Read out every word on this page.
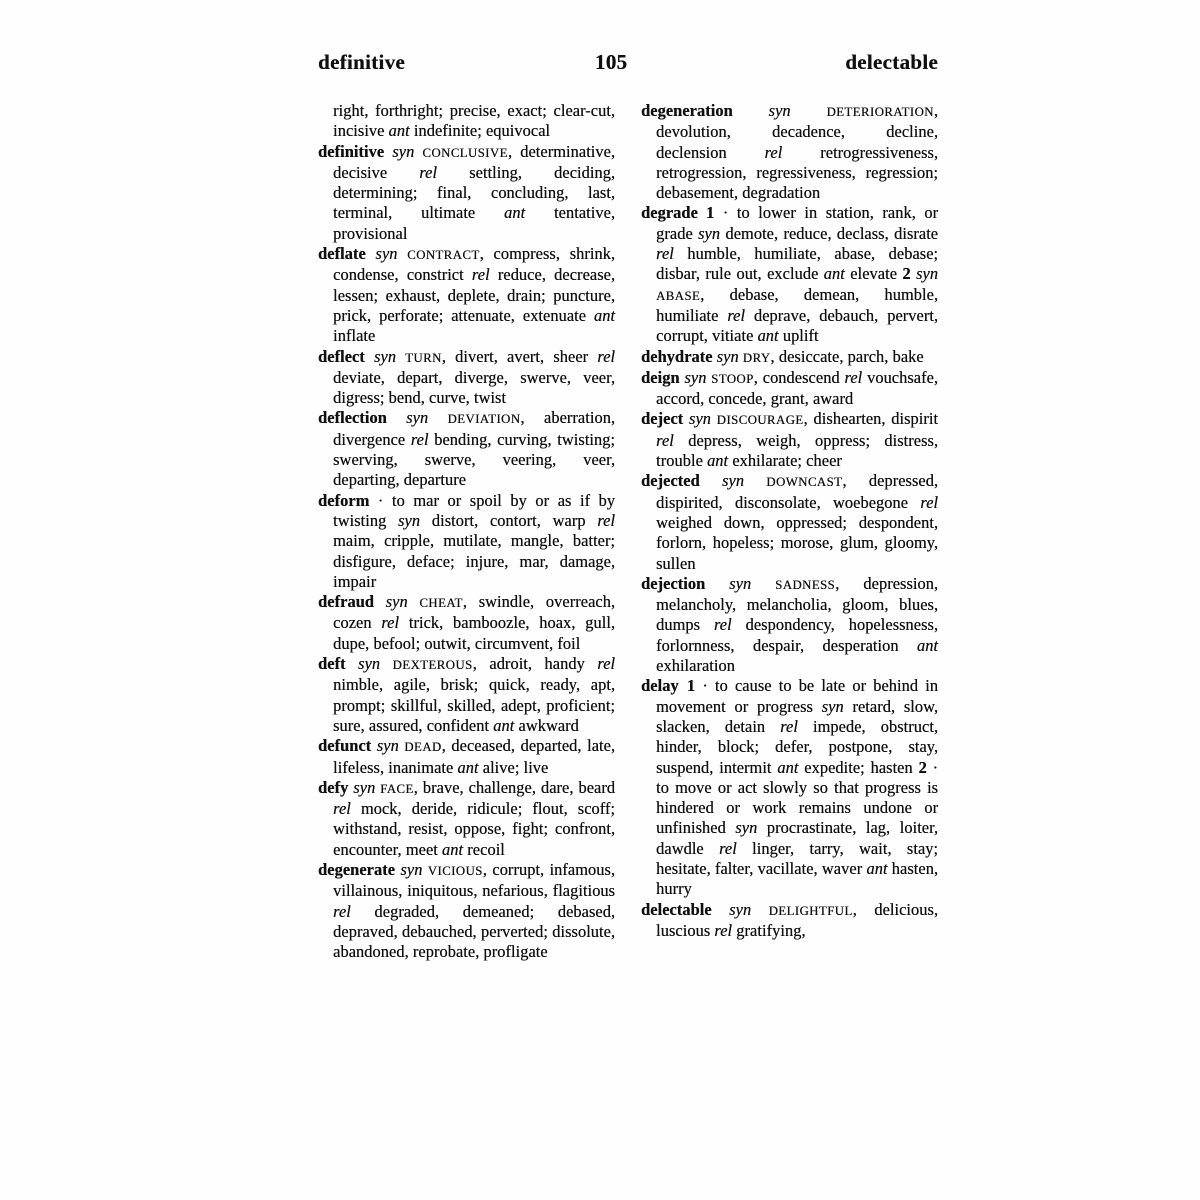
definitive	105	delectable

right, forthright; precise, exact; clear-cut, incisive ant indefinite; equivocal

definitive syn CONCLUSIVE, determinative, decisive rel settling, deciding, determining; final, concluding, last, terminal, ultimate ant tentative, provisional

deflate syn CONTRACT, compress, shrink, condense, constrict rel reduce, decrease, lessen; exhaust, deplete, drain; puncture, prick, perforate; attenuate, extenuate ant inflate

deflect syn TURN, divert, avert, sheer rel deviate, depart, diverge, swerve, veer, digress; bend, curve, twist

deflection syn DEVIATION, aberration, divergence rel bending, curving, twisting; swerving, swerve, veering, veer, departing, departure

deform · to mar or spoil by or as if by twisting syn distort, contort, warp rel maim, cripple, mutilate, mangle, batter; disfigure, deface; injure, mar, damage, impair

defraud syn CHEAT, swindle, overreach, cozen rel trick, bamboozle, hoax, gull, dupe, befool; outwit, circumvent, foil

deft syn DEXTEROUS, adroit, handy rel nimble, agile, brisk; quick, ready, apt, prompt; skillful, skilled, adept, proficient; sure, assured, confident ant awkward

defunct syn DEAD, deceased, departed, late, lifeless, inanimate ant alive; live

defy syn FACE, brave, challenge, dare, beard rel mock, deride, ridicule; flout, scoff; withstand, resist, oppose, fight; confront, encounter, meet ant recoil

degenerate syn VICIOUS, corrupt, infamous, villainous, iniquitous, nefarious, flagitious rel degraded, demeaned; debased, depraved, debauched, perverted; dissolute, abandoned, reprobate, profligate

degeneration syn DETERIORATION, devolution, decadence, decline, declension rel retrogressiveness, retrogression, regressiveness, regression; debasement, degradation

degrade  1 · to lower in station, rank, or grade syn demote, reduce, declass, disrate rel humble, humiliate, abase, debase; disbar, rule out, exclude ant elevate 2 syn ABASE, debase, demean, humble, humiliate rel deprave, debauch, pervert, corrupt, vitiate ant uplift

dehydrate syn DRY, desiccate, parch, bake

deign syn STOOP, condescend rel vouchsafe, accord, concede, grant, award

deject syn DISCOURAGE, dishearten, dispirit rel depress, weigh, oppress; distress, trouble ant exhilarate; cheer

dejected syn DOWNCAST, depressed, dispirited, disconsolate, woebegone rel weighed down, oppressed; despondent, forlorn, hopeless; morose, glum, gloomy, sullen

dejection syn SADNESS, depression, melancholy, melancholia, gloom, blues, dumps rel despondency, hopelessness, forlornness, despair, desperation ant exhilaration

delay  1 · to cause to be late or behind in movement or progress syn retard, slow, slacken, detain rel impede, obstruct, hinder, block; defer, postpone, stay, suspend, intermit ant expedite; hasten 2 · to move or act slowly so that progress is hindered or work remains undone or unfinished syn procrastinate, lag, loiter, dawdle rel linger, tarry, wait, stay; hesitate, falter, vacillate, waver ant hasten, hurry

delectable syn DELIGHTFUL, delicious, luscious rel gratifying,
